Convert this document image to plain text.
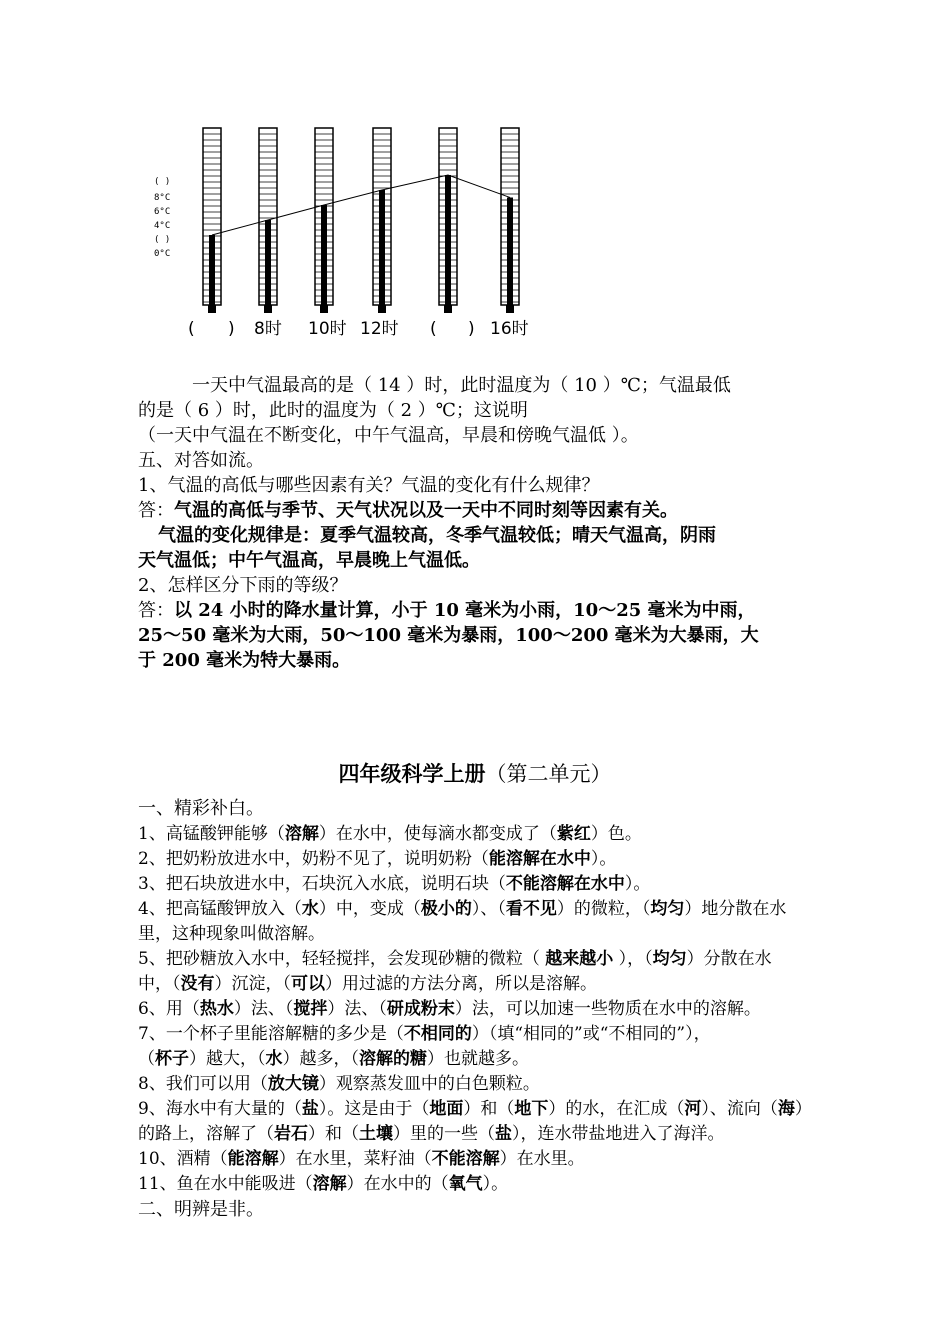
( )
8°C
6°C
4°C
( )
0°C
( ) 8时 10时 12时 ( ) 16时
一天中气温最高的是（ 14 ）时，此时温度为（ 10 ）℃；气温最低
的是（ 6 ）时，此时的温度为（ 2 ）℃；这说明
（一天中气温在不断变化，中午气温高，早晨和傍晚气温低 ）。
五、对答如流。
1、气温的高低与哪些因素有关？气温的变化有什么规律？
答：气温的高低与季节、天气状况以及一天中不同时刻等因素有关。
气温的变化规律是：夏季气温较高，冬季气温较低；晴天气温高，阴雨
天气温低；中午气温高，早晨晚上气温低。
2、怎样区分下雨的等级？
答：以 24 小时的降水量计算，小于 10 毫米为小雨，10～25 毫米为中雨，
25～50 毫米为大雨，50～100 毫米为暴雨，100～200 毫米为大暴雨，大
于 200 毫米为特大暴雨。
四年级科学上册（第二单元）
一、精彩补白。
1、高锰酸钾能够（溶解）在水中，使每滴水都变成了（紫红）色。
2、把奶粉放进水中，奶粉不见了，说明奶粉（能溶解在水中）。
3、把石块放进水中，石块沉入水底，说明石块（不能溶解在水中）。
4、把高锰酸钾放入（水）中，变成（极小的）、（看不见）的微粒，（均匀）地分散在水
里，这种现象叫做溶解。
5、把砂糖放入水中，轻轻搅拌，会发现砂糖的微粒（ 越来越小 ），（均匀）分散在水
中，（没有）沉淀，（可以）用过滤的方法分离，所以是溶解。
6、用（热水）法、（搅拌）法、（研成粉末）法，可以加速一些物质在水中的溶解。
7、一个杯子里能溶解糖的多少是（不相同的）（填“相同的”或“不相同的”），
（杯子）越大，（水）越多，（溶解的糖）也就越多。
8、我们可以用（放大镜）观察蒸发皿中的白色颗粒。
9、海水中有大量的（盐）。这是由于（地面）和（地下）的水，在汇成（河）、流向（海）
的路上，溶解了（岩石）和（土壤）里的一些（盐），连水带盐地进入了海洋。
10、酒精（能溶解）在水里，菜籽油（不能溶解）在水里。
11、鱼在水中能吸进（溶解）在水中的（氧气）。
二、明辨是非。
